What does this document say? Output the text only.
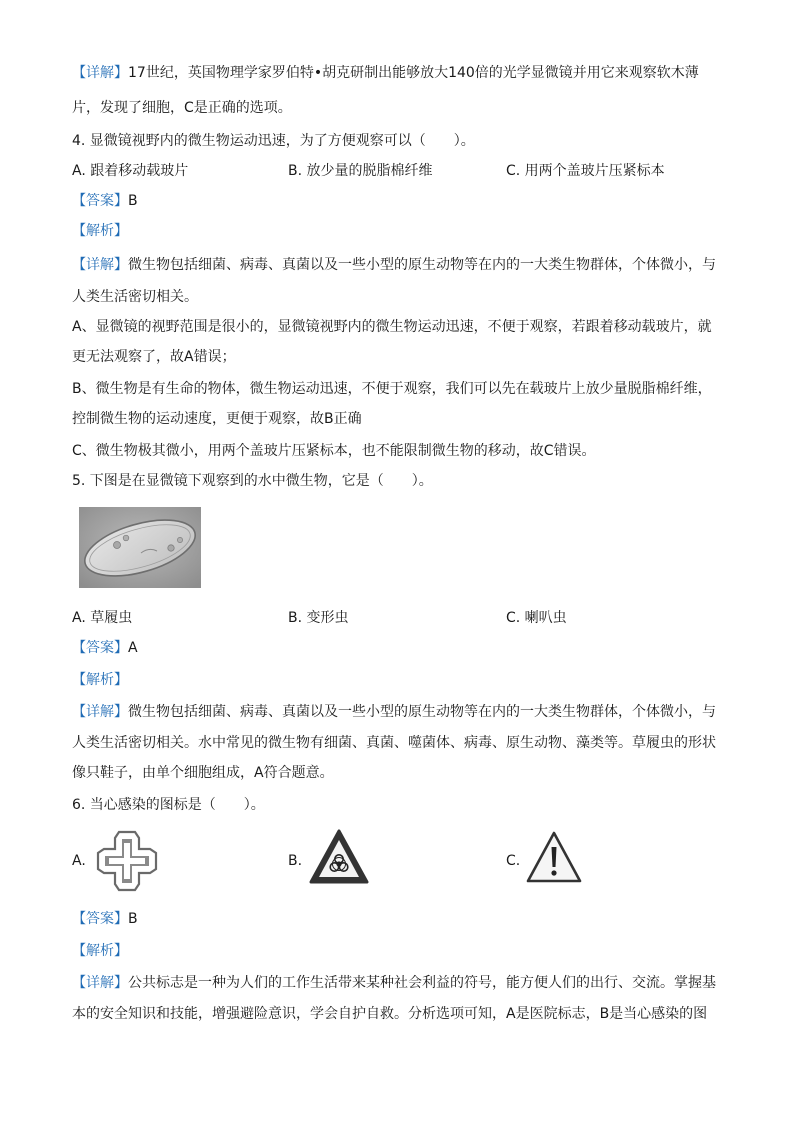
【详解】17世纪，英国物理学家罗伯特•胡克研制出能够放大140倍的光学显微镜并用它来观察软木薄
片，发现了细胞，C是正确的选项。
4. 显微镜视野内的微生物运动迅速，为了方便观察可以（　　）。
A. 跟着移动载玻片	B. 放少量的脱脂棉纤维	C. 用两个盖玻片压紧标本
【答案】B
【解析】
【详解】微生物包括细菌、病毒、真菌以及一些小型的原生动物等在内的一大类生物群体，个体微小，与
人类生活密切相关。
A、显微镜的视野范围是很小的，显微镜视野内的微生物运动迅速，不便于观察，若跟着移动载玻片，就
更无法观察了，故A错误；
B、微生物是有生命的物体，微生物运动迅速，不便于观察，我们可以先在载玻片上放少量脱脂棉纤维，
控制微生物的运动速度，更便于观察，故B正确
C、微生物极其微小，用两个盖玻片压紧标本，也不能限制微生物的移动，故C错误。
5. 下图是在显微镜下观察到的水中微生物，它是（　　）。
A. 草履虫	B. 变形虫	C. 喇叭虫
【答案】A
【解析】
【详解】微生物包括细菌、病毒、真菌以及一些小型的原生动物等在内的一大类生物群体，个体微小，与
人类生活密切相关。水中常见的微生物有细菌、真菌、噬菌体、病毒、原生动物、藻类等。草履虫的形状
像只鞋子，由单个细胞组成，A符合题意。
6. 当心感染的图标是（　　）。
A.	B.	C.
【答案】B
【解析】
【详解】公共标志是一种为人们的工作生活带来某种社会利益的符号，能方便人们的出行、交流。掌握基
本的安全知识和技能，增强避险意识，学会自护自救。分析选项可知，A是医院标志，B是当心感染的图
